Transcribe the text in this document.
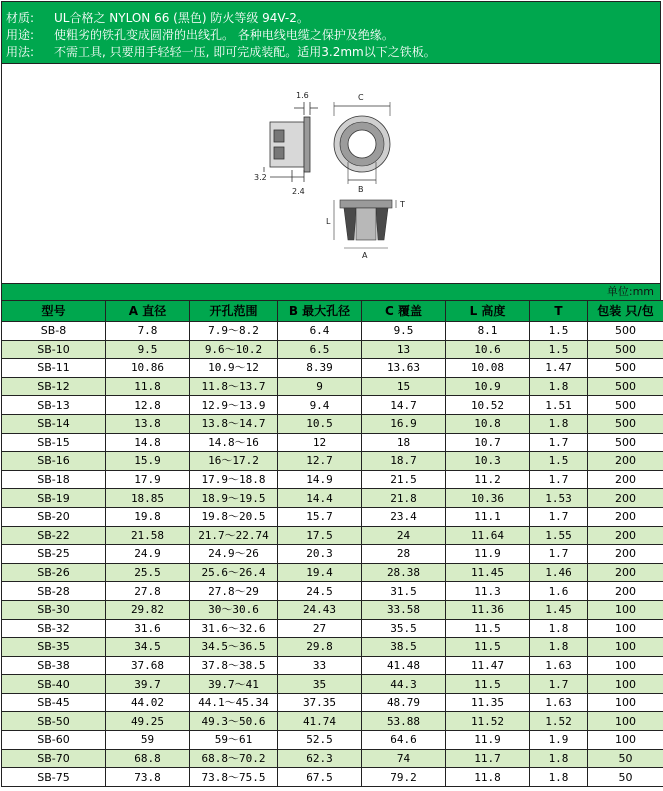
材质: UL合格之 NYLON 66 (黑色) 防火等级 94V-2。
用途: 使粗劣的铁孔变成圆滑的出线孔。 各种电线电缆之保护及绝缘。
用法: 不需工具, 只要用手轻轻一压, 即可完成装配。适用3.2mm以下之铁板。
1.6
3.2
2.4
C
B
T
L
A
单位:mm
型号	A 直径	开孔范围	B 最大孔径	C 覆盖	L 高度	T	包装 只/包
SB-8	7.8	7.9～8.2	6.4	9.5	8.1	1.5	500
SB-10	9.5	9.6～10.2	6.5	13	10.6	1.5	500
SB-11	10.86	10.9～12	8.39	13.63	10.08	1.47	500
SB-12	11.8	11.8～13.7	9	15	10.9	1.8	500
SB-13	12.8	12.9～13.9	9.4	14.7	10.52	1.51	500
SB-14	13.8	13.8～14.7	10.5	16.9	10.8	1.8	500
SB-15	14.8	14.8～16	12	18	10.7	1.7	500
SB-16	15.9	16～17.2	12.7	18.7	10.3	1.5	200
SB-18	17.9	17.9～18.8	14.9	21.5	11.2	1.7	200
SB-19	18.85	18.9～19.5	14.4	21.8	10.36	1.53	200
SB-20	19.8	19.8～20.5	15.7	23.4	11.1	1.7	200
SB-22	21.58	21.7～22.74	17.5	24	11.64	1.55	200
SB-25	24.9	24.9～26	20.3	28	11.9	1.7	200
SB-26	25.5	25.6～26.4	19.4	28.38	11.45	1.46	200
SB-28	27.8	27.8～29	24.5	31.5	11.3	1.6	200
SB-30	29.82	30～30.6	24.43	33.58	11.36	1.45	100
SB-32	31.6	31.6～32.6	27	35.5	11.5	1.8	100
SB-35	34.5	34.5～36.5	29.8	38.5	11.5	1.8	100
SB-38	37.68	37.8～38.5	33	41.48	11.47	1.63	100
SB-40	39.7	39.7～41	35	44.3	11.5	1.7	100
SB-45	44.02	44.1～45.34	37.35	48.79	11.35	1.63	100
SB-50	49.25	49.3～50.6	41.74	53.88	11.52	1.52	100
SB-60	59	59～61	52.5	64.6	11.9	1.9	100
SB-70	68.8	68.8～70.2	62.3	74	11.7	1.8	50
SB-75	73.8	73.8～75.5	67.5	79.2	11.8	1.8	50
